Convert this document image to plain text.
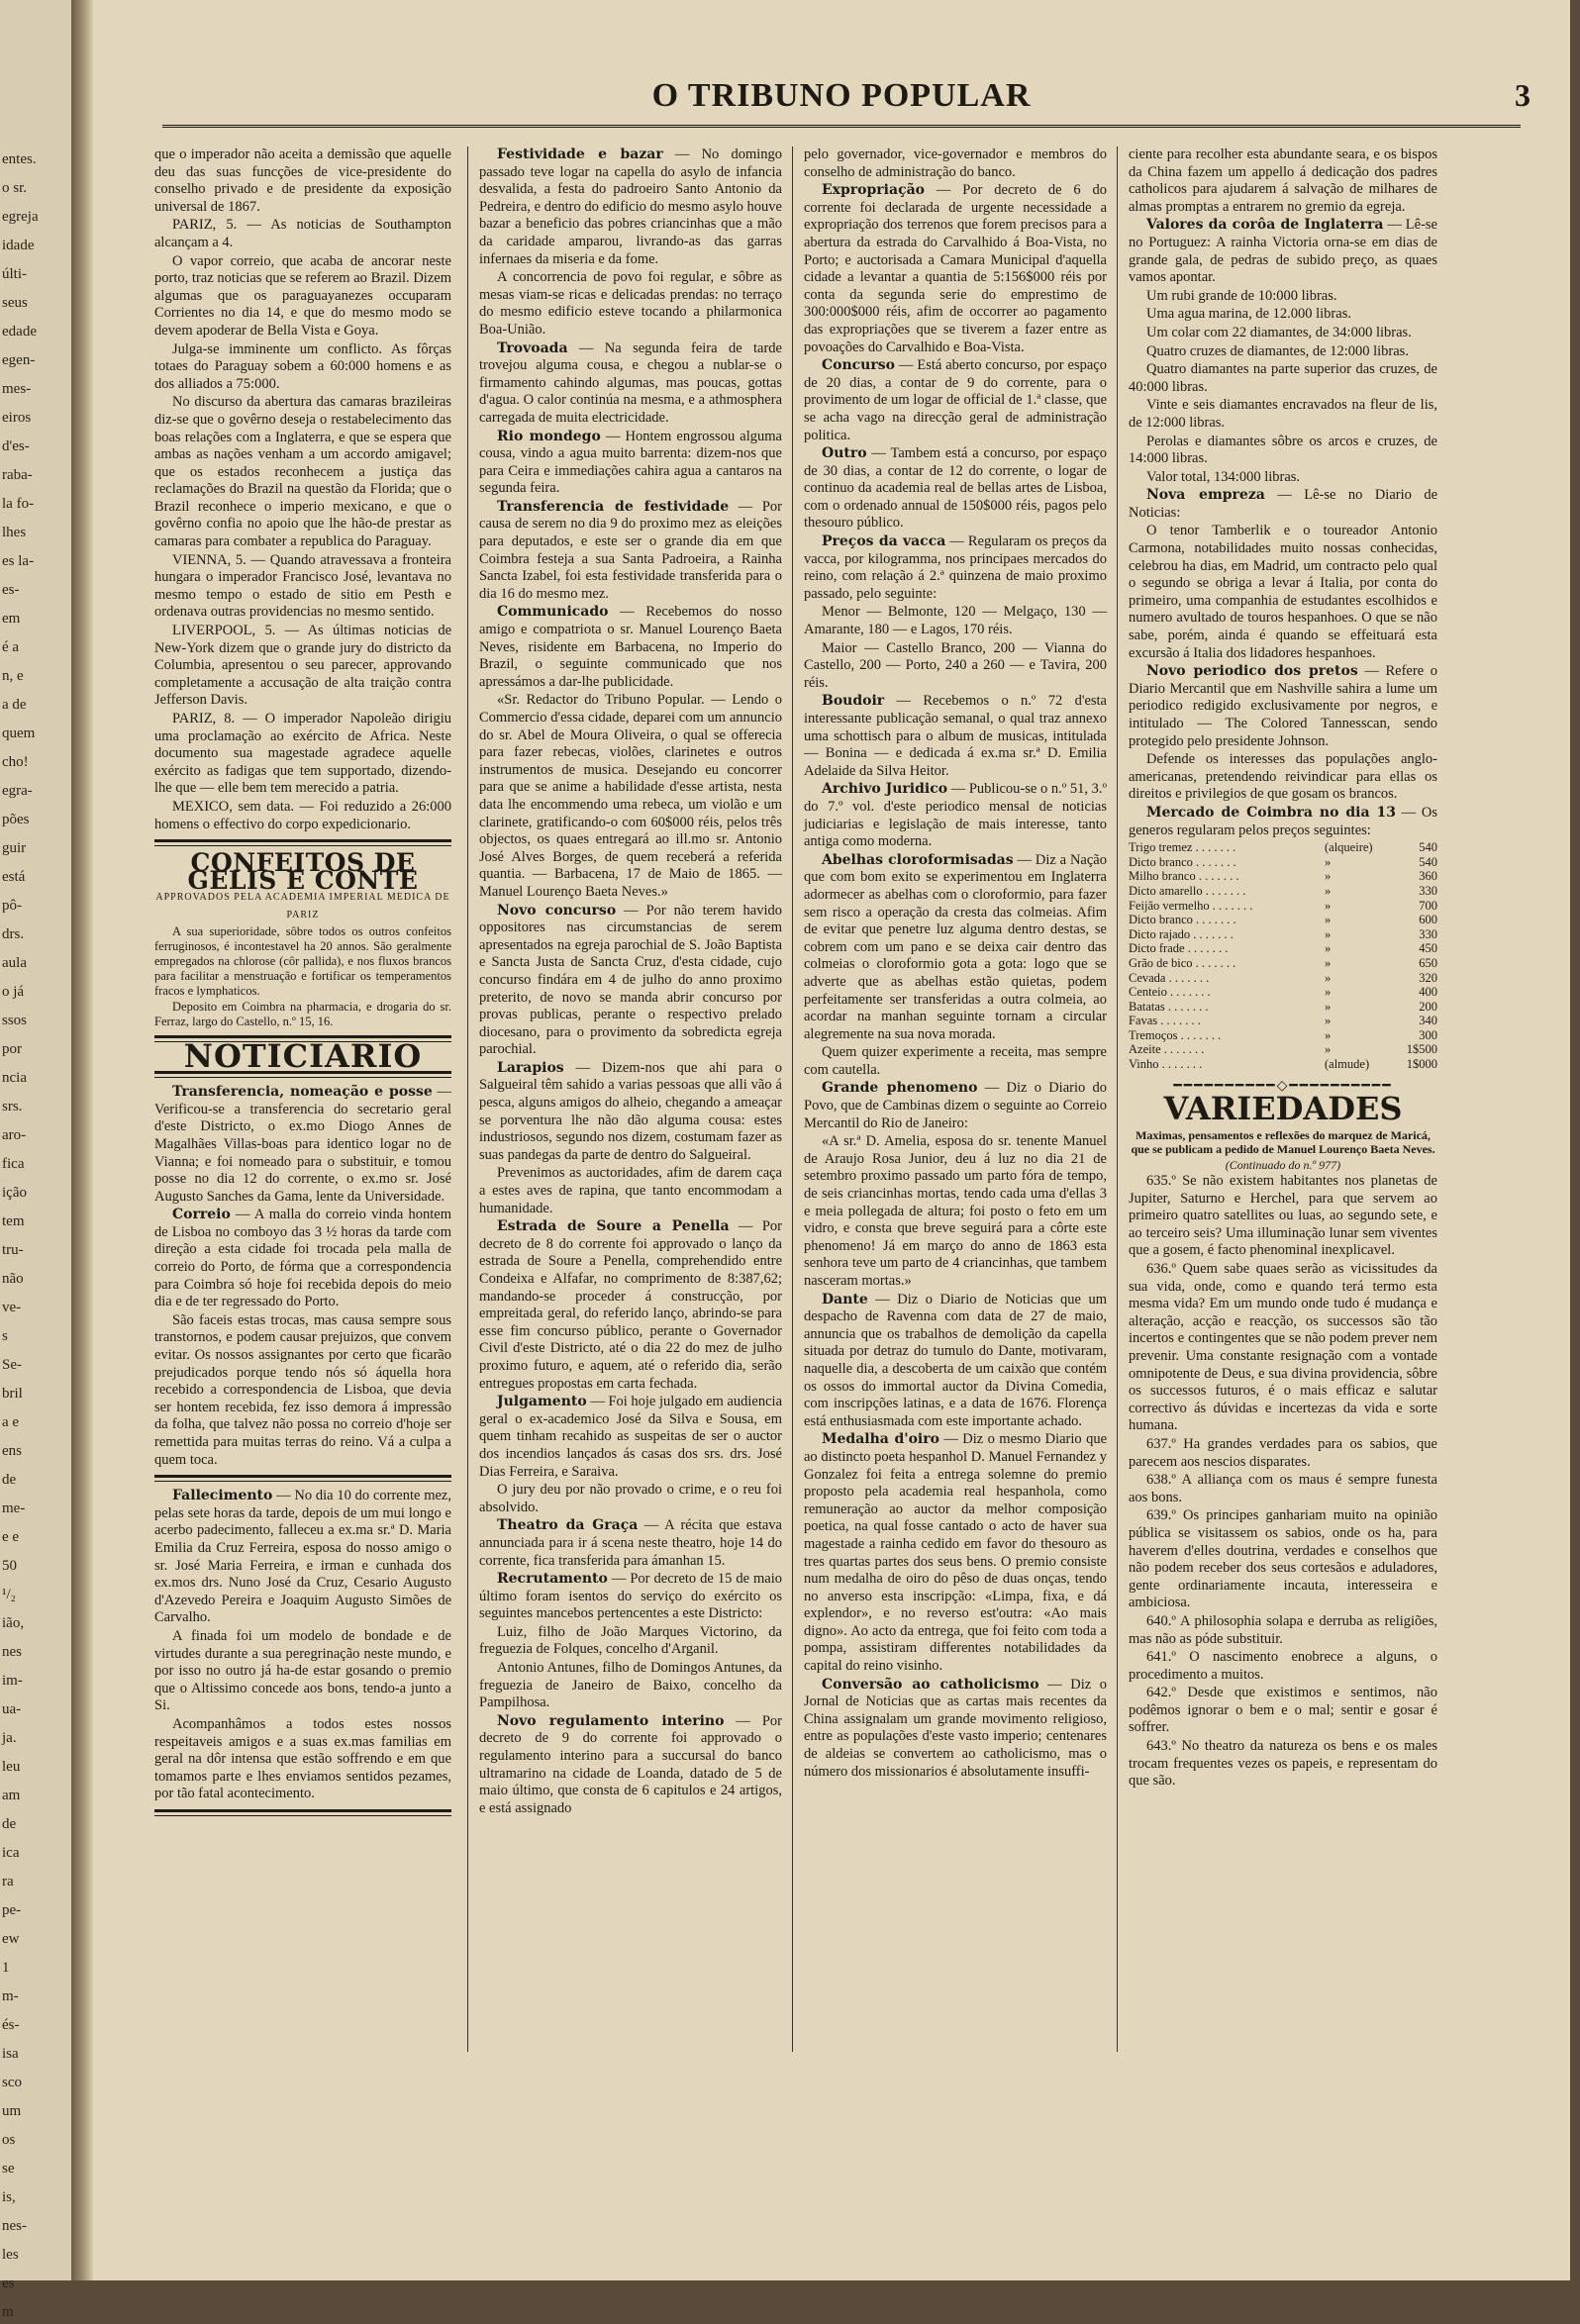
entes.
o sr.
egreja
idade
últi-
seus
edade
egen-
mes-
eiros
d'es-
raba-
la fo-
lhes
es la-
es-
em
é a
n, e
a de
quem
cho!
egra-
pões
guir
está
pô-
drs.
aula
o já
ssos
por
ncia
srs.
aro-
fica
ição
tem
tru-
não
ve-
s
Se-
bril
a e
ens
de
me-
e e
50
¹/₂
ião,
nes
im-
ua-
ja.
leu
am
de
ica
ra
pe-
ew
1
m-
és-
isa
sco
um
os
se
is,
nes-
les
es
m
O TRIBUNO POPULAR	3

que o imperador não aceita a demissão que aquelle deu das suas funcções de vice-presidente do conselho privado e de presidente da exposição universal de 1867.

PARIZ, 5. — As noticias de Southampton alcançam a 4.

O vapor correio, que acaba de ancorar neste porto, traz noticias que se referem ao Brazil. Dizem algumas que os paraguayanezes occuparam Corrientes no dia 14, e que do mesmo modo se devem apoderar de Bella Vista e Goya.

Julga-se imminente um conflicto. As fôrças totaes do Paraguay sobem a 60:000 homens e as dos alliados a 75:000.

No discurso da abertura das camaras brazileiras diz-se que o govêrno deseja o restabelecimento das boas relações com a Inglaterra, e que se espera que ambas as nações venham a um accordo amigavel; que os estados reconhecem a justiça das reclamações do Brazil na questão da Florida; que o Brazil reconhece o imperio mexicano, e que o govêrno confia no apoio que lhe hão-de prestar as camaras para combater a republica do Paraguay.

VIENNA, 5. — Quando atravessava a fronteira hungara o imperador Francisco José, levantava no mesmo tempo o estado de sitio em Pesth e ordenava outras providencias no mesmo sentido.

LIVERPOOL, 5. — As últimas noticias de New-York dizem que o grande jury do districto da Columbia, apresentou o seu parecer, approvando completamente a accusação de alta traição contra Jefferson Davis.

PARIZ, 8. — O imperador Napoleão dirigiu uma proclamação ao exército de Africa. Neste documento sua magestade agradece aquelle exército as fadigas que tem supportado, dizendo-lhe que — elle bem tem merecido a patria.

MEXICO, sem data. — Foi reduzido a 26:000 homens o effectivo do corpo expedicionario.

CONFEITOS DE GELIS E CONTE
APPROVADOS PELA ACADEMIA IMPERIAL MEDICA DE PARIZ

A sua superioridade, sôbre todos os outros confeitos ferruginosos, é incontestavel ha 20 annos. São geralmente empregados na chlorose (côr pallida), e nos fluxos brancos para facilitar a menstruação e fortificar os temperamentos fracos e lymphaticos.

Deposito em Coimbra na pharmacia, e drogaria do sr. Ferraz, largo do Castello, n.º 15, 16.

NOTICIARIO

Transferencia, nomeação e posse — Verificou-se a transferencia do secretario geral d'este Districto, o ex.mo Diogo Annes de Magalhães Villas-boas para identico logar no de Vianna; e foi nomeado para o substituir, e tomou posse no dia 12 do corrente, o ex.mo sr. José Augusto Sanches da Gama, lente da Universidade.

Correio — A malla do correio vinda hontem de Lisboa no comboyo das 3 ½ horas da tarde com direção a esta cidade foi trocada pela malla de correio do Porto, de fórma que a correspondencia para Coimbra só hoje foi recebida depois do meio dia e de ter regressado do Porto.

São faceis estas trocas, mas causa sempre sous transtornos, e podem causar prejuizos, que convem evitar. Os nossos assignantes por certo que ficarão prejudicados porque tendo nós só áquella hora recebido a correspondencia de Lisboa, que devia ser hontem recebida, fez isso demora á impressão da folha, que talvez não possa no correio d'hoje ser remettida para muitas terras do reino. Vá a culpa a quem toca.

Fallecimento — No dia 10 do corrente mez, pelas sete horas da tarde, depois de um mui longo e acerbo padecimento, falleceu a ex.ma sr.ª D. Maria Emilia da Cruz Ferreira, esposa do nosso amigo o sr. José Maria Ferreira, e irman e cunhada dos ex.mos drs. Nuno José da Cruz, Cesario Augusto d'Azevedo Pereira e Joaquim Augusto Simões de Carvalho.

A finada foi um modelo de bondade e de virtudes durante a sua peregrinação neste mundo, e por isso no outro já ha-de estar gosando o premio que o Altissimo concede aos bons, tendo-a junto a Si.

Acompanhâmos a todos estes nossos respeitaveis amigos e a suas ex.mas familias em geral na dôr intensa que estão soffrendo e em que tomamos parte e lhes enviamos sentidos pezames, por tão fatal acontecimento.

Festividade e bazar — No domingo passado teve logar na capella do asylo de infancia desvalida, a festa do padroeiro Santo Antonio da Pedreira, e dentro do edificio do mesmo asylo houve bazar a beneficio das pobres criancinhas que a mão da caridade amparou, livrando-as das garras infernaes da miseria e da fome.

A concorrencia de povo foi regular, e sôbre as mesas viam-se ricas e delicadas prendas: no terraço do mesmo edificio esteve tocando a philarmonica Boa-União.

Trovoada — Na segunda feira de tarde trovejou alguma cousa, e chegou a nublar-se o firmamento cahindo algumas, mas poucas, gottas d'agua. O calor continúa na mesma, e a athmosphera carregada de muita electricidade.

Rio mondego — Hontem engrossou alguma cousa, vindo a agua muito barrenta: dizem-nos que para Ceira e immediações cahira agua a cantaros na segunda feira.

Transferencia de festividade — Por causa de serem no dia 9 do proximo mez as eleições para deputados, e este ser o grande dia em que Coimbra festeja a sua Santa Padroeira, a Rainha Sancta Izabel, foi esta festividade transferida para o dia 16 do mesmo mez.

Communicado — Recebemos do nosso amigo e compatriota o sr. Manuel Lourenço Baeta Neves, risidente em Barbacena, no Imperio do Brazil, o seguinte communicado que nos apressámos a dar-lhe publicidade.

«Sr. Redactor do Tribuno Popular. — Lendo o Commercio d'essa cidade, deparei com um annuncio do sr. Abel de Moura Oliveira, o qual se offerecia para fazer rebecas, violões, clarinetes e outros instrumentos de musica. Desejando eu concorrer para que se anime a habilidade d'esse artista, nesta data lhe encommendo uma rebeca, um violão e um clarinete, gratificando-o com 60$000 réis, pelos três objectos, os quaes entregará ao ill.mo sr. Antonio José Alves Borges, de quem receberá a referida quantia. — Barbacena, 17 de Maio de 1865. — Manuel Lourenço Baeta Neves.»

Novo concurso — Por não terem havido oppositores nas circumstancias de serem apresentados na egreja parochial de S. João Baptista e Sancta Justa de Sancta Cruz, d'esta cidade, cujo concurso findára em 4 de julho do anno proximo preterito, de novo se manda abrir concurso por provas publicas, perante o respectivo prelado diocesano, para o provimento da sobredicta egreja parochial.

Larapios — Dizem-nos que ahi para o Salgueiral têm sahido a varias pessoas que alli vão á pesca, alguns amigos do alheio, chegando a ameaçar se porventura lhe não dão alguma cousa: estes industriosos, segundo nos dizem, costumam fazer as suas pandegas da parte de dentro do Salgueiral.

Prevenimos as auctoridades, afim de darem caça a estes aves de rapina, que tanto encommodam a humanidade.

Estrada de Soure a Penella — Por decreto de 8 do corrente foi approvado o lanço da estrada de Soure a Penella, comprehendido entre Condeixa e Alfafar, no comprimento de 8:387,62; mandando-se proceder á construcção, por empreitada geral, do referido lanço, abrindo-se para esse fim concurso público, perante o Governador Civil d'este Districto, até o dia 22 do mez de julho proximo futuro, e aquem, até o referido dia, serão entregues propostas em carta fechada.

Julgamento — Foi hoje julgado em audiencia geral o ex-academico José da Silva e Sousa, em quem tinham recahido as suspeitas de ser o auctor dos incendios lançados ás casas dos srs. drs. José Dias Ferreira, e Saraiva.

O jury deu por não provado o crime, e o reu foi absolvido.

Theatro da Graça — A récita que estava annunciada para ir á scena neste theatro, hoje 14 do corrente, fica transferida para ámanhan 15.

Recrutamento — Por decreto de 15 de maio último foram isentos do serviço do exército os seguintes mancebos pertencentes a este Districto:

Luiz, filho de João Marques Victorino, da freguezia de Folques, concelho d'Arganil.

Antonio Antunes, filho de Domingos Antunes, da freguezia de Janeiro de Baixo, concelho da Pampilhosa.

Novo regulamento interino — Por decreto de 9 do corrente foi approvado o regulamento interino para a succursal do banco ultramarino na cidade de Loanda, datado de 5 de maio último, que consta de 6 capitulos e 24 artigos, e está assignado

pelo governador, vice-governador e membros do conselho de administração do banco.

Expropriação — Por decreto de 6 do corrente foi declarada de urgente necessidade a expropriação dos terrenos que forem precisos para a abertura da estrada do Carvalhido á Boa-Vista, no Porto; e auctorisada a Camara Municipal d'aquella cidade a levantar a quantia de 5:156$000 réis por conta da segunda serie do emprestimo de 300:000$000 réis, afim de occorrer ao pagamento das expropriações que se tiverem a fazer entre as povoações do Carvalhido e Boa-Vista.

Concurso — Está aberto concurso, por espaço de 20 dias, a contar de 9 do corrente, para o provimento de um logar de official de 1.ª classe, que se acha vago na direcção geral de administração politica.

Outro — Tambem está a concurso, por espaço de 30 dias, a contar de 12 do corrente, o logar de continuo da academia real de bellas artes de Lisboa, com o ordenado annual de 150$000 réis, pagos pelo thesouro público.

Preços da vacca — Regularam os preços da vacca, por kilogramma, nos principaes mercados do reino, com relação á 2.ª quinzena de maio proximo passado, pelo seguinte:

Menor — Belmonte, 120 — Melgaço, 130 — Amarante, 180 — e Lagos, 170 réis.

Maior — Castello Branco, 200 — Vianna do Castello, 200 — Porto, 240 a 260 — e Tavira, 200 réis.

Boudoir — Recebemos o n.º 72 d'esta interessante publicação semanal, o qual traz annexo uma schottisch para o album de musicas, intitulada — Bonina — e dedicada á ex.ma sr.ª D. Emilia Adelaide da Silva Heitor.

Archivo Juridico — Publicou-se o n.º 51, 3.º do 7.º vol. d'este periodico mensal de noticias judiciarias e legislação de mais interesse, tanto antiga como moderna.

Abelhas cloroformisadas — Diz a Nação que com bom exito se experimentou em Inglaterra adormecer as abelhas com o cloroformio, para fazer sem risco a operação da cresta das colmeias. Afim de evitar que penetre luz alguma dentro destas, se cobrem com um pano e se deixa cair dentro das colmeias o cloroformio gota a gota: logo que se adverte que as abelhas estão quietas, podem perfeitamente ser transferidas a outra colmeia, ao acordar na manhan seguinte tornam a circular alegremente na sua nova morada.

Quem quizer experimente a receita, mas sempre com cautella.

Grande phenomeno — Diz o Diario do Povo, que de Cambinas dizem o seguinte ao Correio Mercantil do Rio de Janeiro:

«A sr.ª D. Amelia, esposa do sr. tenente Manuel de Araujo Rosa Junior, deu á luz no dia 21 de setembro proximo passado um parto fóra de tempo, de seis criancinhas mortas, tendo cada uma d'ellas 3 e meia pollegada de altura; foi posto o feto em um vidro, e consta que breve seguirá para a côrte este phenomeno! Já em março do anno de 1863 esta senhora teve um parto de 4 criancinhas, que tambem nasceram mortas.»

Dante — Diz o Diario de Noticias que um despacho de Ravenna com data de 27 de maio, annuncia que os trabalhos de demolição da capella situada por detraz do tumulo do Dante, motivaram, naquelle dia, a descoberta de um caixão que contém os ossos do immortal auctor da Divina Comedia, com inscripções latinas, e a data de 1676. Florença está enthusiasmada com este importante achado.

Medalha d'oiro — Diz o mesmo Diario que ao distincto poeta hespanhol D. Manuel Fernandez y Gonzalez foi feita a entrega solemne do premio proposto pela academia real hespanhola, como remuneração ao auctor da melhor composição poetica, na qual fosse cantado o acto de haver sua magestade a rainha cedido em favor do thesouro as tres quartas partes dos seus bens. O premio consiste num medalha de oiro do pêso de duas onças, tendo no anverso esta inscripção: «Limpa, fixa, e dá explendor», e no reverso est'outra: «Ao mais digno». Ao acto da entrega, que foi feito com toda a pompa, assistiram differentes notabilidades da capital do reino visinho.

Conversão ao catholicismo — Diz o Jornal de Noticias que as cartas mais recentes da China assignalam um grande movimento religioso, entre as populações d'este vasto imperio; centenares de aldeias se convertem ao catholicismo, mas o número dos missionarios é absolutamente insuffi-

ciente para recolher esta abundante seara, e os bispos da China fazem um appello á dedicação dos padres catholicos para ajudarem á salvação de milhares de almas promptas a entrarem no gremio da egreja.

Valores da corôa de Inglaterra — Lê-se no Portuguez: A rainha Victoria orna-se em dias de grande gala, de pedras de subido preço, as quaes vamos apontar.

Um rubi grande de 10:000 libras.

Uma agua marina, de 12.000 libras.

Um colar com 22 diamantes, de 34:000 libras.

Quatro cruzes de diamantes, de 12:000 libras.

Quatro diamantes na parte superior das cruzes, de 40:000 libras.

Vinte e seis diamantes encravados na fleur de lis, de 12:000 libras.

Perolas e diamantes sôbre os arcos e cruzes, de 14:000 libras.

Valor total, 134:000 libras.

Nova empreza — Lê-se no Diario de Noticias:

O tenor Tamberlik e o toureador Antonio Carmona, notabilidades muito nossas conhecidas, celebrou ha dias, em Madrid, um contracto pelo qual o segundo se obriga a levar á Italia, por conta do primeiro, uma companhia de estudantes escolhidos e numero avultado de touros hespanhoes. O que se não sabe, porém, ainda é quando se effeituará esta excursão á Italia dos lidadores hespanhoes.

Novo periodico dos pretos — Refere o Diario Mercantil que em Nashville sahira a lume um periodico redigido exclusivamente por negros, e intitulado — The Colored Tannesscan, sendo protegido pelo presidente Johnson.

Defende os interesses das populações anglo-americanas, pretendendo reivindicar para ellas os direitos e privilegios de que gosam os brancos.

Mercado de Coimbra no dia 13 — Os generos regularam pelos preços seguintes:

Trigo tremez . . . . . . .	(alqueire)	540
Dicto branco . . . . . . .	»	540
Milho branco . . . . . . .	»	360
Dicto amarello . . . . . . .	»	330
Feijão vermelho . . . . . . .	»	700
Dicto branco . . . . . . .	»	600
Dicto rajado . . . . . . .	»	330
Dicto frade . . . . . . .	»	450
Grão de bico . . . . . . .	»	650
Cevada . . . . . . .	»	320
Centeio . . . . . . .	»	400
Batatas . . . . . . .	»	200
Favas . . . . . . .	»	340
Tremoços . . . . . . .	»	300
Azeite . . . . . . .	»	1$500
Vinho . . . . . . .	(almude)	1$000
━━━━━━━━━━◇━━━━━━━━━━
VARIEDADES

Maximas, pensamentos e reflexões do marquez de Maricá, que se publicam a pedido de Manuel Lourenço Baeta Neves.

(Continuado do n.º 977)

635.º Se não existem habitantes nos planetas de Jupiter, Saturno e Herchel, para que servem ao primeiro quatro satellites ou luas, ao segundo sete, e ao terceiro seis? Uma illuminação lunar sem viventes que a gosem, é facto phenominal inexplicavel.

636.º Quem sabe quaes serão as vicissitudes da sua vida, onde, como e quando terá termo esta mesma vida? Em um mundo onde tudo é mudança e alteração, acção e reacção, os successos são tão incertos e contingentes que se não podem prever nem prevenir. Uma constante resignação com a vontade omnipotente de Deus, e sua divina providencia, sôbre os successos futuros, é o mais efficaz e salutar correctivo ás dúvidas e incertezas da vida e sorte humana.

637.º Ha grandes verdades para os sabios, que parecem aos nescios disparates.

638.º A alliança com os maus é sempre funesta aos bons.

639.º Os principes ganhariam muito na opinião pública se visitassem os sabios, onde os ha, para haverem d'elles doutrina, verdades e conselhos que não podem receber dos seus cortesãos e aduladores, gente ordinariamente incauta, interesseira e ambiciosa.

640.º A philosophia solapa e derruba as religiões, mas não as póde substituir.

641.º O nascimento enobrece a alguns, o procedimento a muitos.

642.º Desde que existimos e sentimos, não podêmos ignorar o bem e o mal; sentir e gosar é soffrer.

643.º No theatro da natureza os bens e os males trocam frequentes vezes os papeis, e representam do que são.
